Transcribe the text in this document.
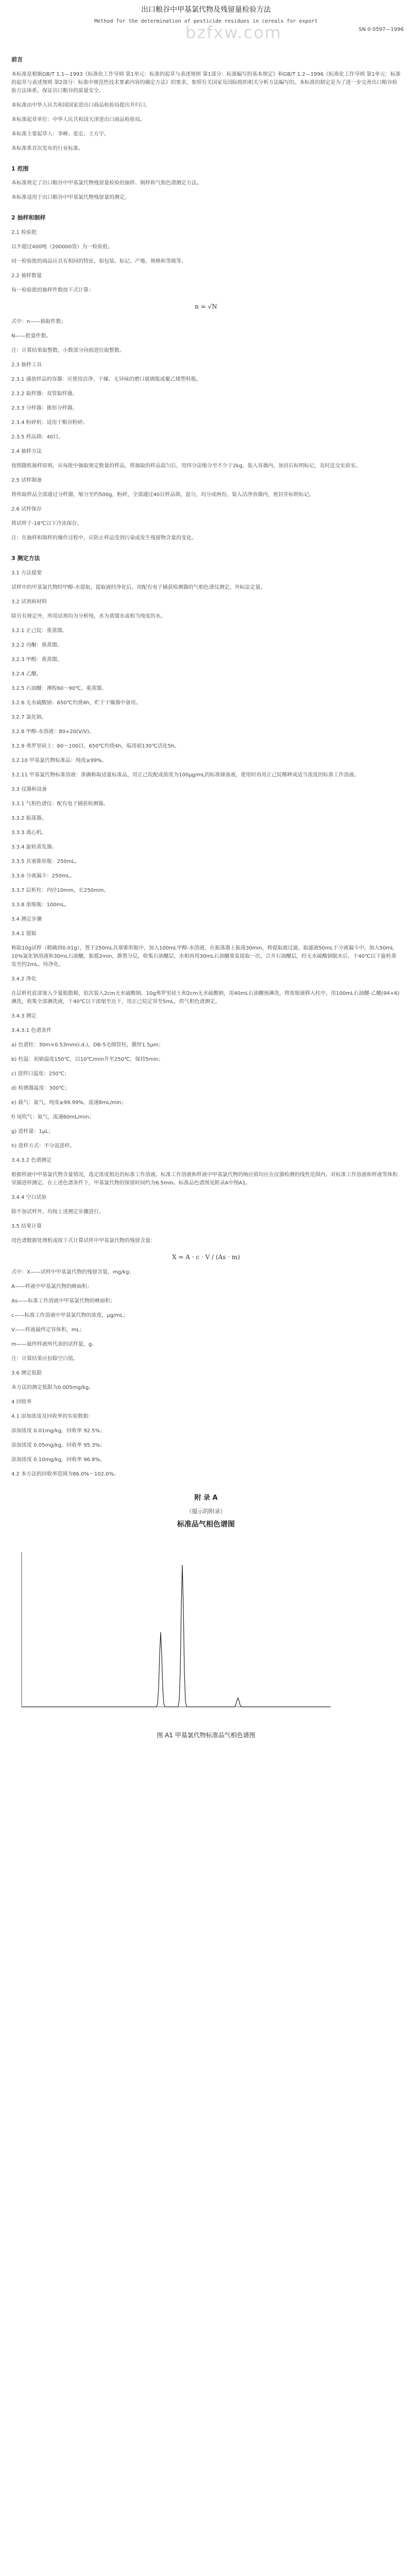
bzfxw.com
出口粮谷中甲基氯代物及残留量检验方法
Method for the determination of pesticide residues in cereals for export
SN 0 0597—1996
前言
本标准是根据GB/T 1.1—1993《标准化工作导则 第1单元：标准的起草与表述规则 第1部分：标准编写的基本规定》和GB/T 1.2—1996《标准化工作导则 第1单元：标准的起草与表述规则 第2部分：标准中规范性技术要素内容的确定方法》的要求，参照有关国家及国际组织相关分析方法编写的。本标准的制定是为了进一步完善出口粮谷检验方法体系，保证出口粮谷的质量安全。
本标准由中华人民共和国国家进出口商品检验局提出并归口。
本标准起草单位：中华人民共和国天津进出口商品检验局。
本标准主要起草人：李峰、张宏、王方宇。
本标准系首次发布的行业标准。
1 范围
本标准规定了出口粮谷中甲基氯代物残留量检验的抽样、制样和气相色谱测定方法。
本标准适用于出口粮谷中甲基氯代物残留量的测定。
2 抽样和制样
2.1 检验批
以不超过400吨（200000袋）为一检验批。
同一检验批的商品应具有相同的特征，如包装、标记、产地、规格和等级等。
2.2 抽样数量
每一检验批的抽样件数按下式计算：
n = √N
式中：n——抽取件数；
N——批量件数。
注：计算结果取整数，小数部分向前进位取整数。
2.3 抽样工具
2.3.1 盛放样品的容器：应使用洁净、干燥、无异味的磨口玻璃瓶或聚乙烯塑料瓶。
2.3.2 取样器：双管取样器。
2.3.3 分样器：锥形分样器。
2.3.4 粉碎机：适用于粮谷粉碎。
2.3.5 样品筛：40目。
2.4 抽样方法
按照随机抽样原则，从每批中抽取规定数量的样品，将抽取的样品混匀后，用四分法缩分至不少于2kg，装入容器内，加封后标明标记，及时送交实验室。
2.5 试样制备
将所取样品全部通过分样器，缩分至约500g，粉碎，全部通过40目样品筛，混匀，均分成两份，装入洁净容器内，密封并标明标记。
2.6 试样保存
将试样于-18℃以下冷冻保存。
注：在抽样和制样的操作过程中，应防止样品受到污染或发生残留物含量的变化。
3 测定方法
3.1 方法提要
试样中的甲基氯代物经甲醇-水提取，提取液经净化后，用配有电子捕获检测器的气相色谱仪测定，外标法定量。
3.2 试剂和材料
除另有规定外，所用试剂均为分析纯，水为蒸馏水或相当纯度的水。
3.2.1 正己烷：重蒸馏。
3.2.2 丙酮：重蒸馏。
3.2.3 甲醇：重蒸馏。
3.2.4 乙醚。
3.2.5 石油醚：沸程60～90℃，重蒸馏。
3.2.6 无水硫酸钠：650℃灼烧4h，贮于干燥器中备用。
3.2.7 氯化钠。
3.2.8 甲醇-水溶液：80+20(V/V)。
3.2.9 弗罗里硅土：60～100目，650℃灼烧4h，临用前130℃活化5h。
3.2.10 甲基氯代物标准品：纯度≥99%。
3.2.11 甲基氯代物标准溶液：准确称取适量标准品，用正己烷配成浓度为100μg/mL的标准储备液，使用时再用正己烷稀释成适当浓度的标准工作溶液。
3.3 仪器和设备
3.3.1 气相色谱仪：配有电子捕获检测器。
3.3.2 振荡器。
3.3.3 离心机。
3.3.4 旋转蒸发器。
3.3.5 具塞锥形瓶：250mL。
3.3.6 分液漏斗：250mL。
3.3.7 层析柱：内径10mm，长250mm。
3.3.8 浓缩瓶：100mL。
3.4 测定步骤
3.4.1 提取
称取10g试样（精确到0.01g），置于250mL具塞锥形瓶中，加入100mL甲醇-水溶液，在振荡器上振荡30min，将提取液过滤，取滤液50mL于分液漏斗中，加入50mL 10%氯化钠溶液和30mL石油醚，振摇2min，静置分层，收集石油醚层，水相再用30mL石油醚重复提取一次，合并石油醚层，经无水硫酸钠脱水后，于40℃以下旋转蒸发至约2mL，待净化。
3.4.2 净化
在层析柱底部塞入少量脱脂棉，依次装入2cm无水硫酸钠、10g弗罗里硅土和2cm无水硫酸钠，用40mL石油醚预淋洗，将浓缩液移入柱中，用100mL石油醚-乙醚(94+6)淋洗，收集全部淋洗液，于40℃以下浓缩至近干，用正己烷定容至5mL，供气相色谱测定。
3.4.3 测定
3.4.3.1 色谱条件
a) 色谱柱：30m×0.53mm(i.d.)，DB-5毛细管柱，膜厚1.5μm；
b) 柱温：初始温度150℃，以10℃/min升至250℃，保持5min；
c) 进样口温度：250℃；
d) 检测器温度：300℃；
e) 载气：氮气，纯度≥99.99%，流速8mL/min；
f) 尾吹气：氮气，流速60mL/min；
g) 进样量：1μL；
h) 进样方式：不分流进样。
3.4.3.2 色谱测定
根据样液中甲基氯代物含量情况，选定浓度相近的标准工作溶液。标准工作溶液和样液中甲基氯代物的响应值均应在仪器检测的线性范围内。对标准工作溶液和样液等体积穿插进样测定。在上述色谱条件下，甲基氯代物的保留时间约为6.5min。标准品色谱图见附录A中图A1。
3.4.4 空白试验
除不加试样外，均按上述测定步骤进行。
3.5 结果计算
用色谱数据处理机或按下式计算试样中甲基氯代物的残留含量：
X = A · c · V / (As · m)
式中：X——试样中甲基氯代物的残留含量，mg/kg；
A——样液中甲基氯代物的峰面积；
As——标准工作溶液中甲基氯代物的峰面积；
c——标准工作溶液中甲基氯代物的浓度，μg/mL；
V——样液最终定容体积，mL；
m——最终样液所代表的试样量，g。
注：计算结果应扣除空白值。
3.6 测定低限
本方法的测定低限为0.005mg/kg。
4 回收率
4.1 添加浓度及回收率的实验数据：
添加浓度 0.01mg/kg，回收率 92.5%；
添加浓度 0.05mg/kg，回收率 95.3%；
添加浓度 0.10mg/kg，回收率 96.8%。
4.2 本方法的回收率范围为86.0%～102.0%。
附 录 A
（提示的附录）
标准品气相色谱图
图 A1 甲基氯代物标准品气相色谱图
